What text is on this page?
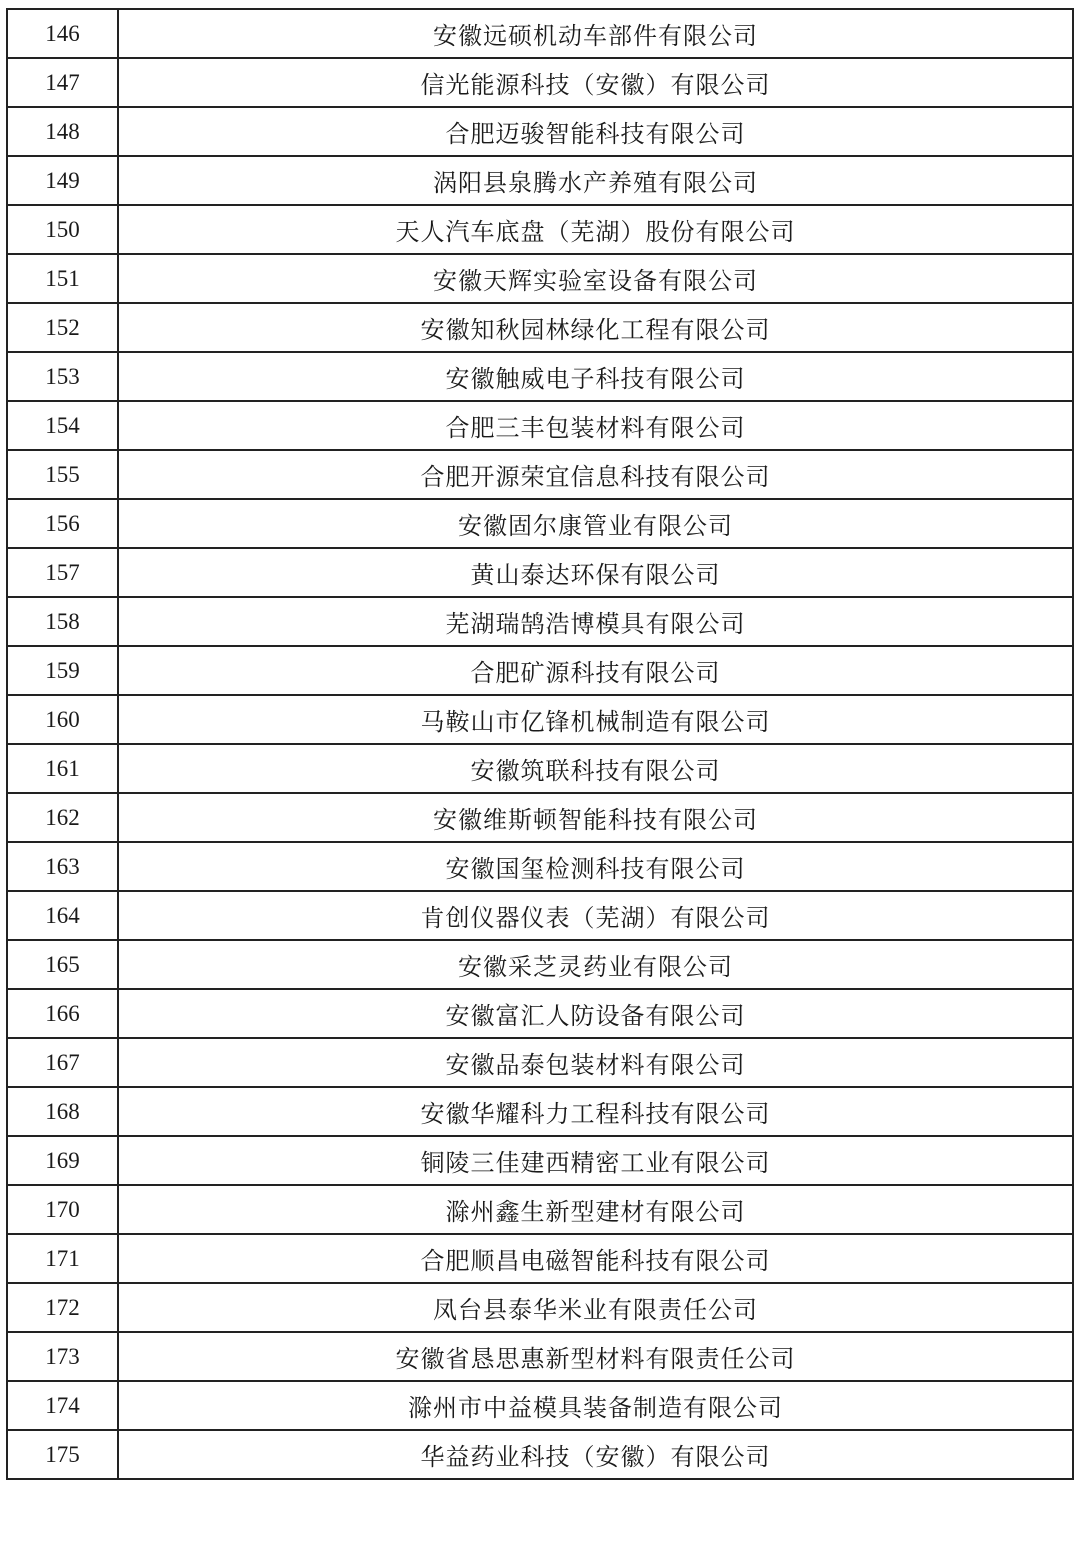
146	安徽远硕机动车部件有限公司
147	信光能源科技（安徽）有限公司
148	合肥迈骏智能科技有限公司
149	涡阳县泉腾水产养殖有限公司
150	天人汽车底盘（芜湖）股份有限公司
151	安徽天辉实验室设备有限公司
152	安徽知秋园林绿化工程有限公司
153	安徽触威电子科技有限公司
154	合肥三丰包装材料有限公司
155	合肥开源荣宜信息科技有限公司
156	安徽固尔康管业有限公司
157	黄山泰达环保有限公司
158	芜湖瑞鹄浩博模具有限公司
159	合肥矿源科技有限公司
160	马鞍山市亿锋机械制造有限公司
161	安徽筑联科技有限公司
162	安徽维斯顿智能科技有限公司
163	安徽国玺检测科技有限公司
164	肯创仪器仪表（芜湖）有限公司
165	安徽采芝灵药业有限公司
166	安徽富汇人防设备有限公司
167	安徽品泰包装材料有限公司
168	安徽华耀科力工程科技有限公司
169	铜陵三佳建西精密工业有限公司
170	滁州鑫生新型建材有限公司
171	合肥顺昌电磁智能科技有限公司
172	凤台县泰华米业有限责任公司
173	安徽省恳思惠新型材料有限责任公司
174	滁州市中益模具装备制造有限公司
175	华益药业科技（安徽）有限公司
